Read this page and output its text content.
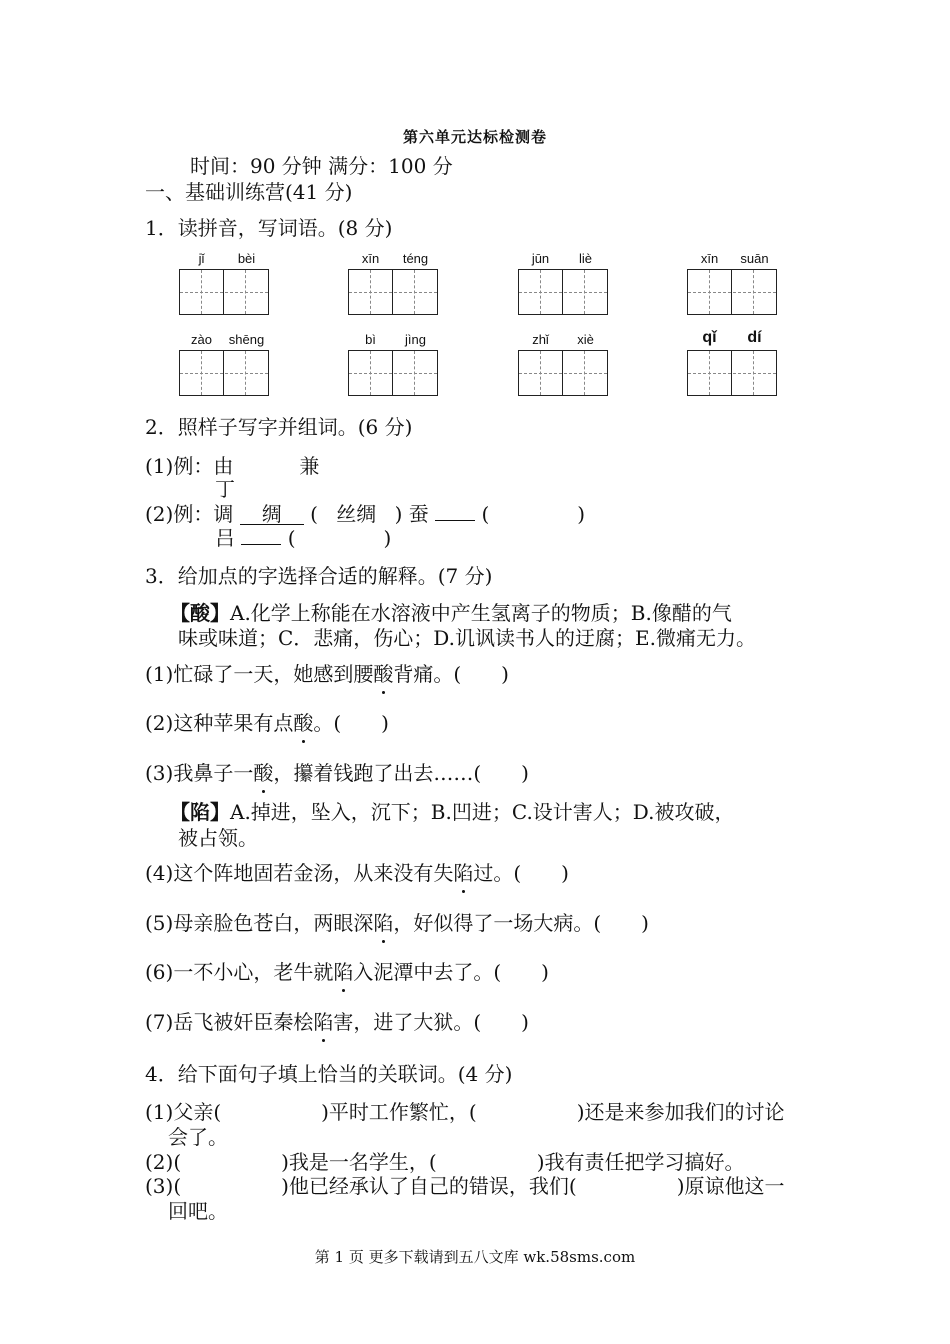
第六单元达标检测卷
时间：90 分钟 满分：100 分
一、基础训练营(41 分)
1．读拼音，写词语。(8 分)
jǐ	bèi	xīn	téng	jūn	liè	xīn	suān
zào	shēng	bì	jìng	zhǐ	xiè	qǐ	dí
2．照样子写字并组词。(6 分)
(1)例：由	兼
丁
(2)例：调 绸 ( 丝绸 ) 蚕	(	)
吕	(	)
3．给加点的字选择合适的解释。(7 分)
【酸】A.化学上称能在水溶液中产生氢离子的物质；B.像醋的气
味或味道；C．悲痛，伤心；D.讥讽读书人的迂腐；E.微痛无力。
(1)忙碌了一天，她感到腰酸背痛。(　　)
(2)这种苹果有点酸。(　　)
(3)我鼻子一酸，攥着钱跑了出去……(　　)
【陷】A.掉进，坠入，沉下；B.凹进；C.设计害人；D.被攻破，
被占领。
(4)这个阵地固若金汤，从来没有失陷过。(　　)
(5)母亲脸色苍白，两眼深陷，好似得了一场大病。(　　)
(6)一不小心，老牛就陷入泥潭中去了。(　　)
(7)岳飞被奸臣秦桧陷害，进了大狱。(　　)
4．给下面句子填上恰当的关联词。(4 分)
(1)父亲(　　　　　)平时工作繁忙，(　　　　　)还是来参加我们的讨论
会了。
(2)(　　　　　)我是一名学生，(　　　　　)我有责任把学习搞好。
(3)(　　　　　)他已经承认了自己的错误，我们(　　　　　)原谅他这一
回吧。
第 1 页 更多下载请到五八文库 wk.58sms.com
